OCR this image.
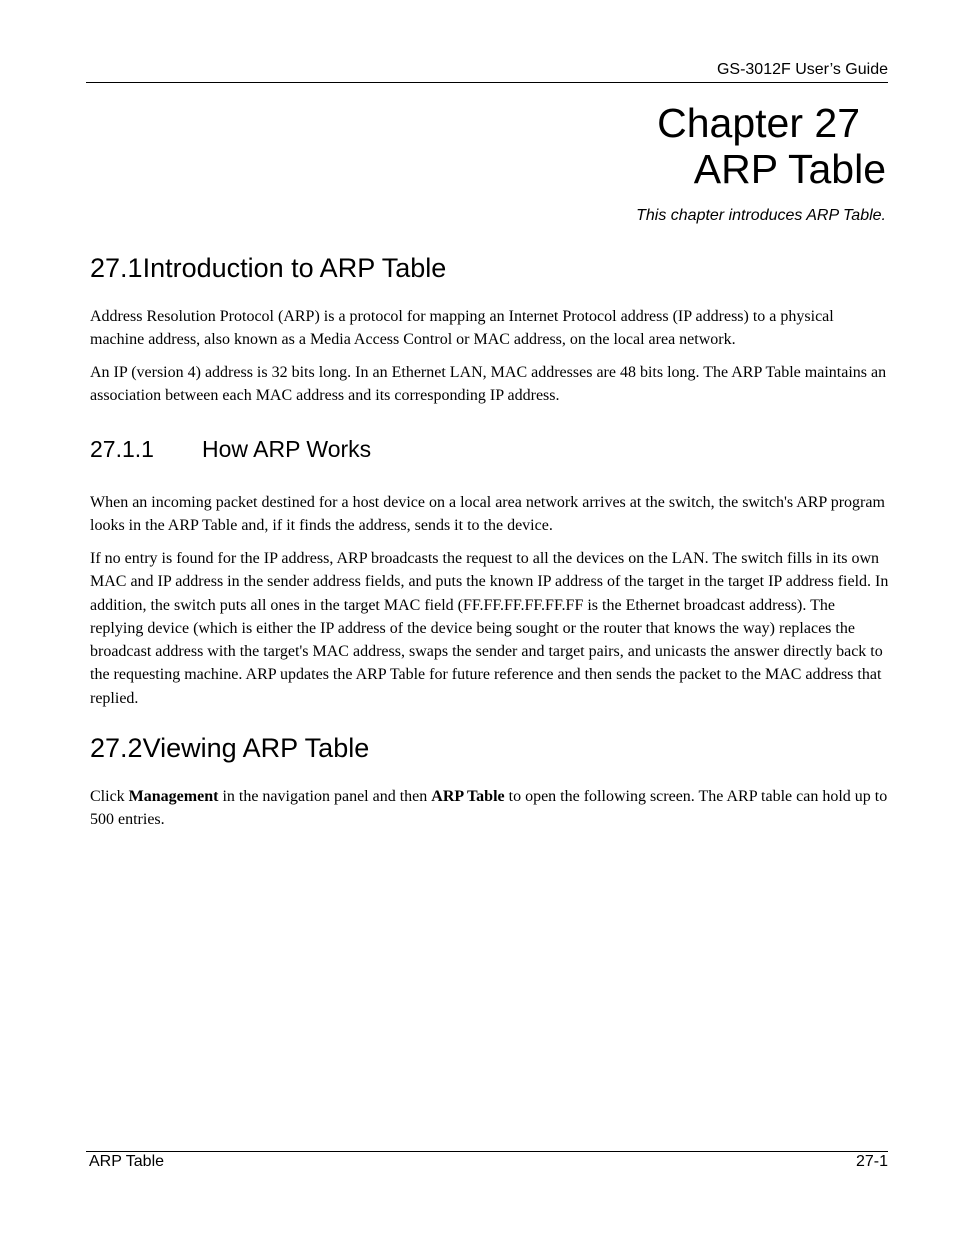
GS-3012F User’s Guide
Chapter 27
ARP Table
This chapter introduces ARP Table.
27.1Introduction to ARP Table

Address Resolution Protocol (ARP) is a protocol for mapping an Internet Protocol address (IP address) to a physical machine address, also known as a Media Access Control or MAC address, on the local area network.

An IP (version 4) address is 32 bits long. In an Ethernet LAN, MAC addresses are 48 bits long. The ARP Table maintains an association between each MAC address and its corresponding IP address.

27.1.1 How ARP Works

When an incoming packet destined for a host device on a local area network arrives at the switch, the switch's ARP program looks in the ARP Table and, if it finds the address, sends it to the device.

If no entry is found for the IP address, ARP broadcasts the request to all the devices on the LAN. The switch fills in its own MAC and IP address in the sender address fields, and puts the known IP address of the target in the target IP address field. In addition, the switch puts all ones in the target MAC field (FF.FF.FF.FF.FF.FF is the Ethernet broadcast address). The replying device (which is either the IP address of the device being sought or the router that knows the way) replaces the broadcast address with the target's MAC address, swaps the sender and target pairs, and unicasts the answer directly back to the requesting machine. ARP updates the ARP Table for future reference and then sends the packet to the MAC address that replied.

27.2Viewing ARP Table

Click Management in the navigation panel and then ARP Table to open the following screen. The ARP table can hold up to 500 entries.

ARP Table	27-1
